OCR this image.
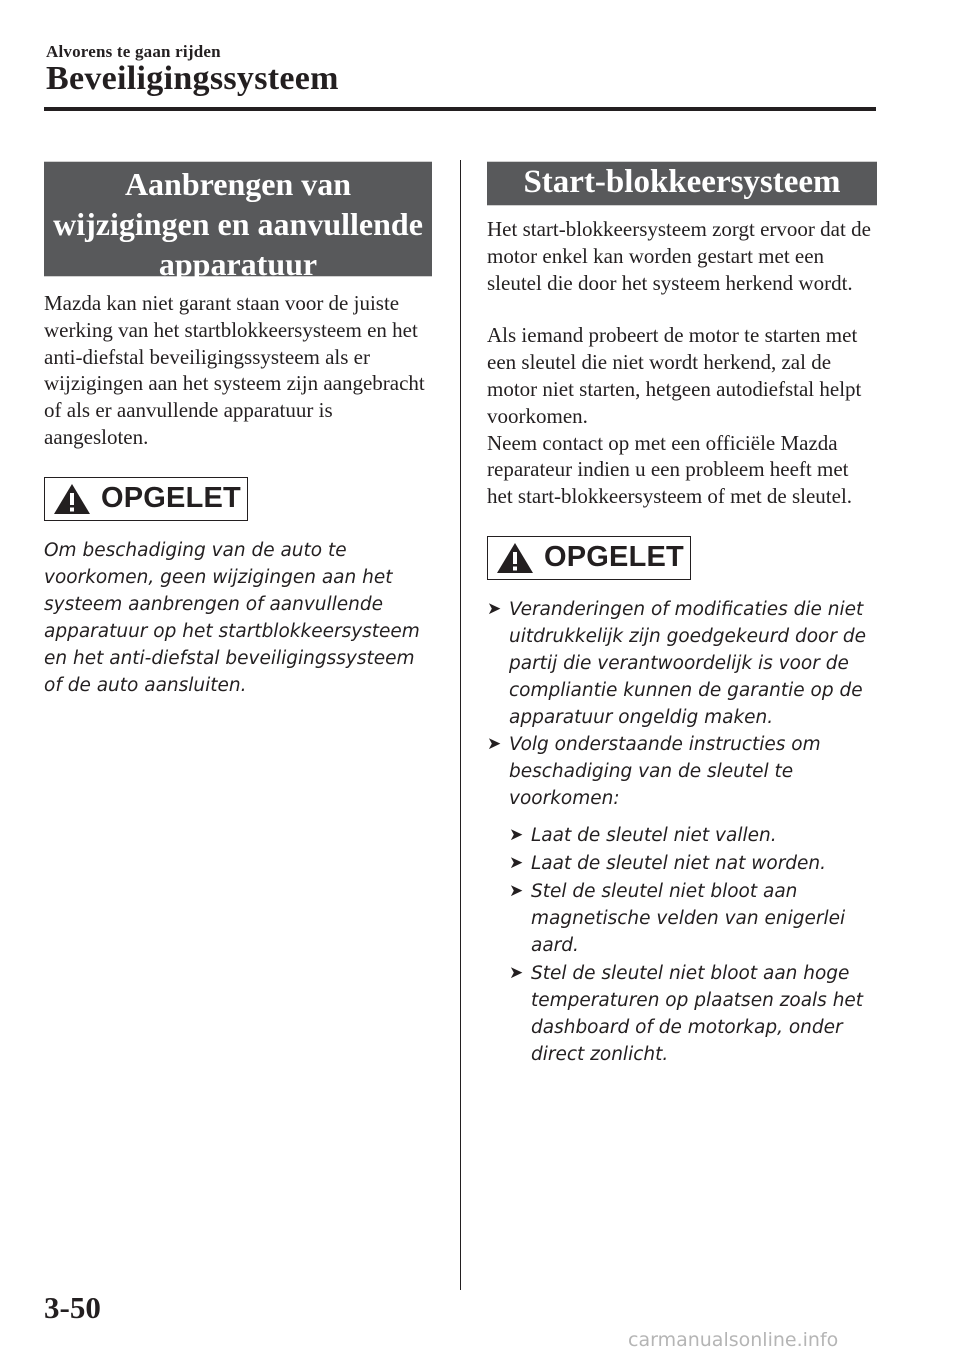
Alvorens te gaan rijden
Beveiligingssysteem
Aanbrengen van
wijzigingen en aanvullende
apparatuur

Mazda kan niet garant staan voor de juiste werking van het startblokkeersysteem en het anti-diefstal beveiligingssysteem als er wijzigingen aan het systeem zijn aangebracht of als er aanvullende apparatuur is aangesloten.

OPGELET

Om beschadiging van de auto te voorkomen, geen wijzigingen aan het systeem aanbrengen of aanvullende apparatuur op het startblokkeersysteem en het anti-diefstal beveiligingssysteem of de auto aansluiten.

Start-blokkeersysteem

Het start-blokkeersysteem zorgt ervoor dat de motor enkel kan worden gestart met een sleutel die door het systeem herkend wordt.

Als iemand probeert de motor te starten met een sleutel die niet wordt herkend, zal de motor niet starten, hetgeen autodiefstal helpt voorkomen.

Neem contact op met een officiële Mazda reparateur indien u een probleem heeft met het start-blokkeersysteem of met de sleutel.

OPGELET
➤ Veranderingen of modificaties die niet uitdrukkelijk zijn goedgekeurd door de partij die verantwoordelijk is voor de compliantie kunnen de garantie op de apparatuur ongeldig maken.
➤ Volg onderstaande instructies om beschadiging van de sleutel te voorkomen:
➤ Laat de sleutel niet vallen.
➤ Laat de sleutel niet nat worden.
➤ Stel de sleutel niet bloot aan magnetische velden van enigerlei aard.
➤ Stel de sleutel niet bloot aan hoge temperaturen op plaatsen zoals het dashboard of de motorkap, onder direct zonlicht.
3-50
carmanualsonline.info
